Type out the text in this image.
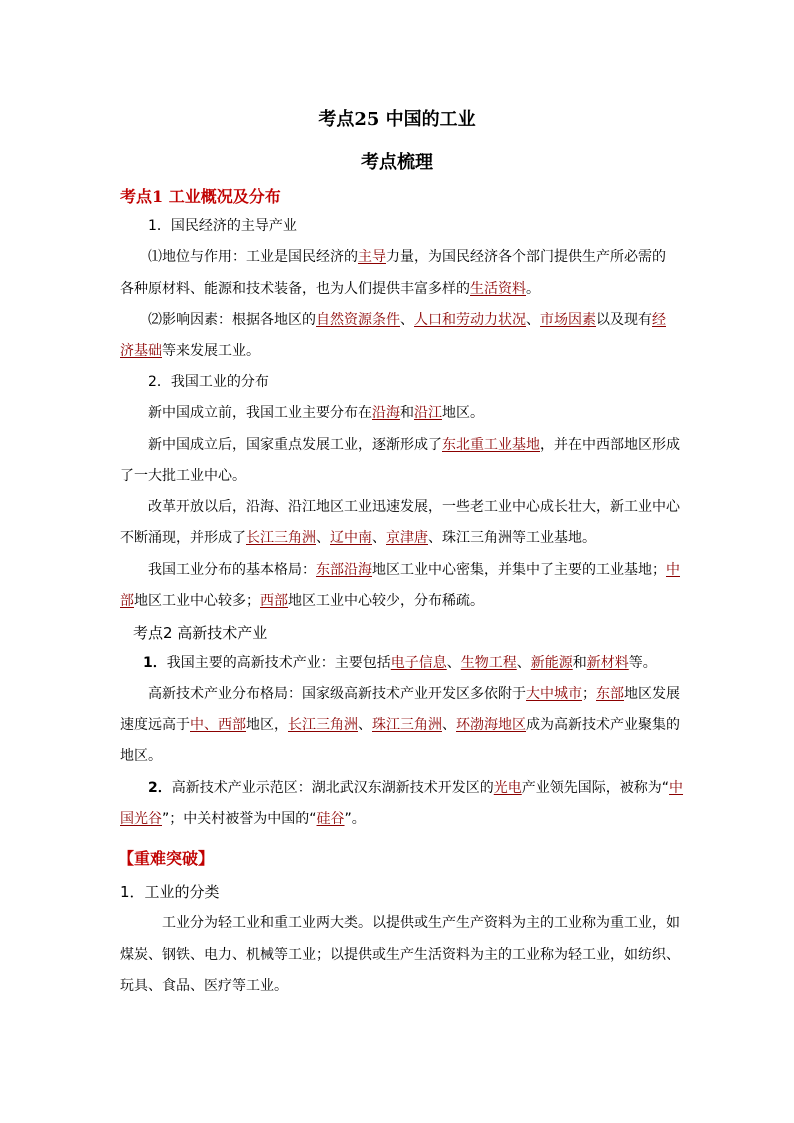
考点25 中国的工业
考点梳理
考点1 工业概况及分布
1．国民经济的主导产业
⑴地位与作用：工业是国民经济的主导力量，为国民经济各个部门提供生产所必需的
各种原材料、能源和技术装备，也为人们提供丰富多样的生活资料。
⑵影响因素：根据各地区的自然资源条件、人口和劳动力状况、市场因素以及现有经
济基础等来发展工业。
2．我国工业的分布
新中国成立前，我国工业主要分布在沿海和沿江地区。
新中国成立后，国家重点发展工业，逐渐形成了东北重工业基地，并在中西部地区形成
了一大批工业中心。
改革开放以后，沿海、沿江地区工业迅速发展，一些老工业中心成长壮大，新工业中心
不断涌现，并形成了长江三角洲、辽中南、京津唐、珠江三角洲等工业基地。
我国工业分布的基本格局：东部沿海地区工业中心密集，并集中了主要的工业基地；中
部地区工业中心较多；西部地区工业中心较少，分布稀疏。
考点2 高新技术产业
1．我国主要的高新技术产业：主要包括电子信息、生物工程、新能源和新材料等。
高新技术产业分布格局：国家级高新技术产业开发区多依附于大中城市；东部地区发展
速度远高于中、西部地区，长江三角洲、珠江三角洲、环渤海地区成为高新技术产业聚集的
地区。
2．高新技术产业示范区：湖北武汉东湖新技术开发区的光电产业领先国际，被称为“中
国光谷”；中关村被誉为中国的“硅谷”。
【重难突破】
1．工业的分类
工业分为轻工业和重工业两大类。以提供或生产生产资料为主的工业称为重工业，如
煤炭、钢铁、电力、机械等工业；以提供或生产生活资料为主的工业称为轻工业，如纺织、
玩具、食品、医疗等工业。
